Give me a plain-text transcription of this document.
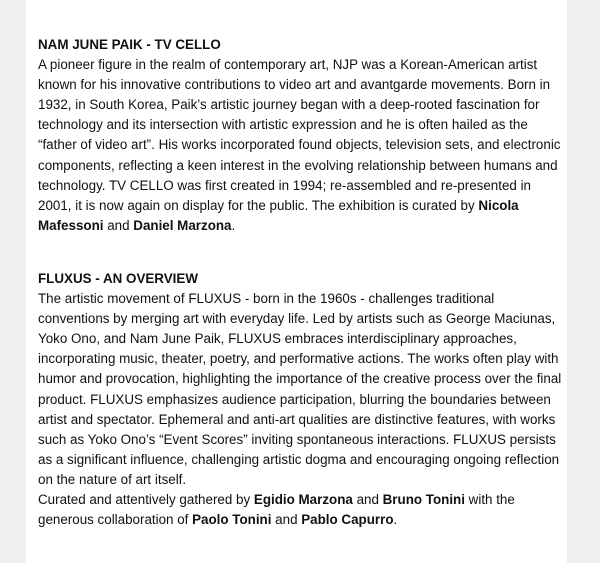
NAM JUNE PAIK - TV CELLO

A pioneer figure in the realm of contemporary art, NJP was a Korean-American artist known for his innovative contributions to video art and avantgarde movements. Born in 1932, in South Korea, Paik’s artistic journey began with a deep-rooted fascination for technology and its intersection with artistic expression and he is often hailed as the “father of video art”. His works incorporated found objects, television sets, and electronic components, reflecting a keen interest in the evolving relationship between humans and technology. TV CELLO was first created in 1994; re-assembled and re-presented in 2001, it is now again on display for the public. The exhibition is curated by Nicola Mafessoni and Daniel Marzona.

FLUXUS - AN OVERVIEW

The artistic movement of FLUXUS - born in the 1960s - challenges traditional conventions by merging art with everyday life. Led by artists such as George Maciunas, Yoko Ono, and Nam June Paik, FLUXUS embraces interdisciplinary approaches, incorporating music, theater, poetry, and performative actions. The works often play with humor and provocation, highlighting the importance of the creative process over the final product. FLUXUS emphasizes audience participation, blurring the boundaries between artist and spectator. Ephemeral and anti-art qualities are distinctive features, with works such as Yoko Ono’s “Event Scores” inviting spontaneous interactions. FLUXUS persists as a significant influence, challenging artistic dogma and encouraging ongoing reflection on the nature of art itself.

Curated and attentively gathered by Egidio Marzona and Bruno Tonini with the generous collaboration of Paolo Tonini and Pablo Capurro.
